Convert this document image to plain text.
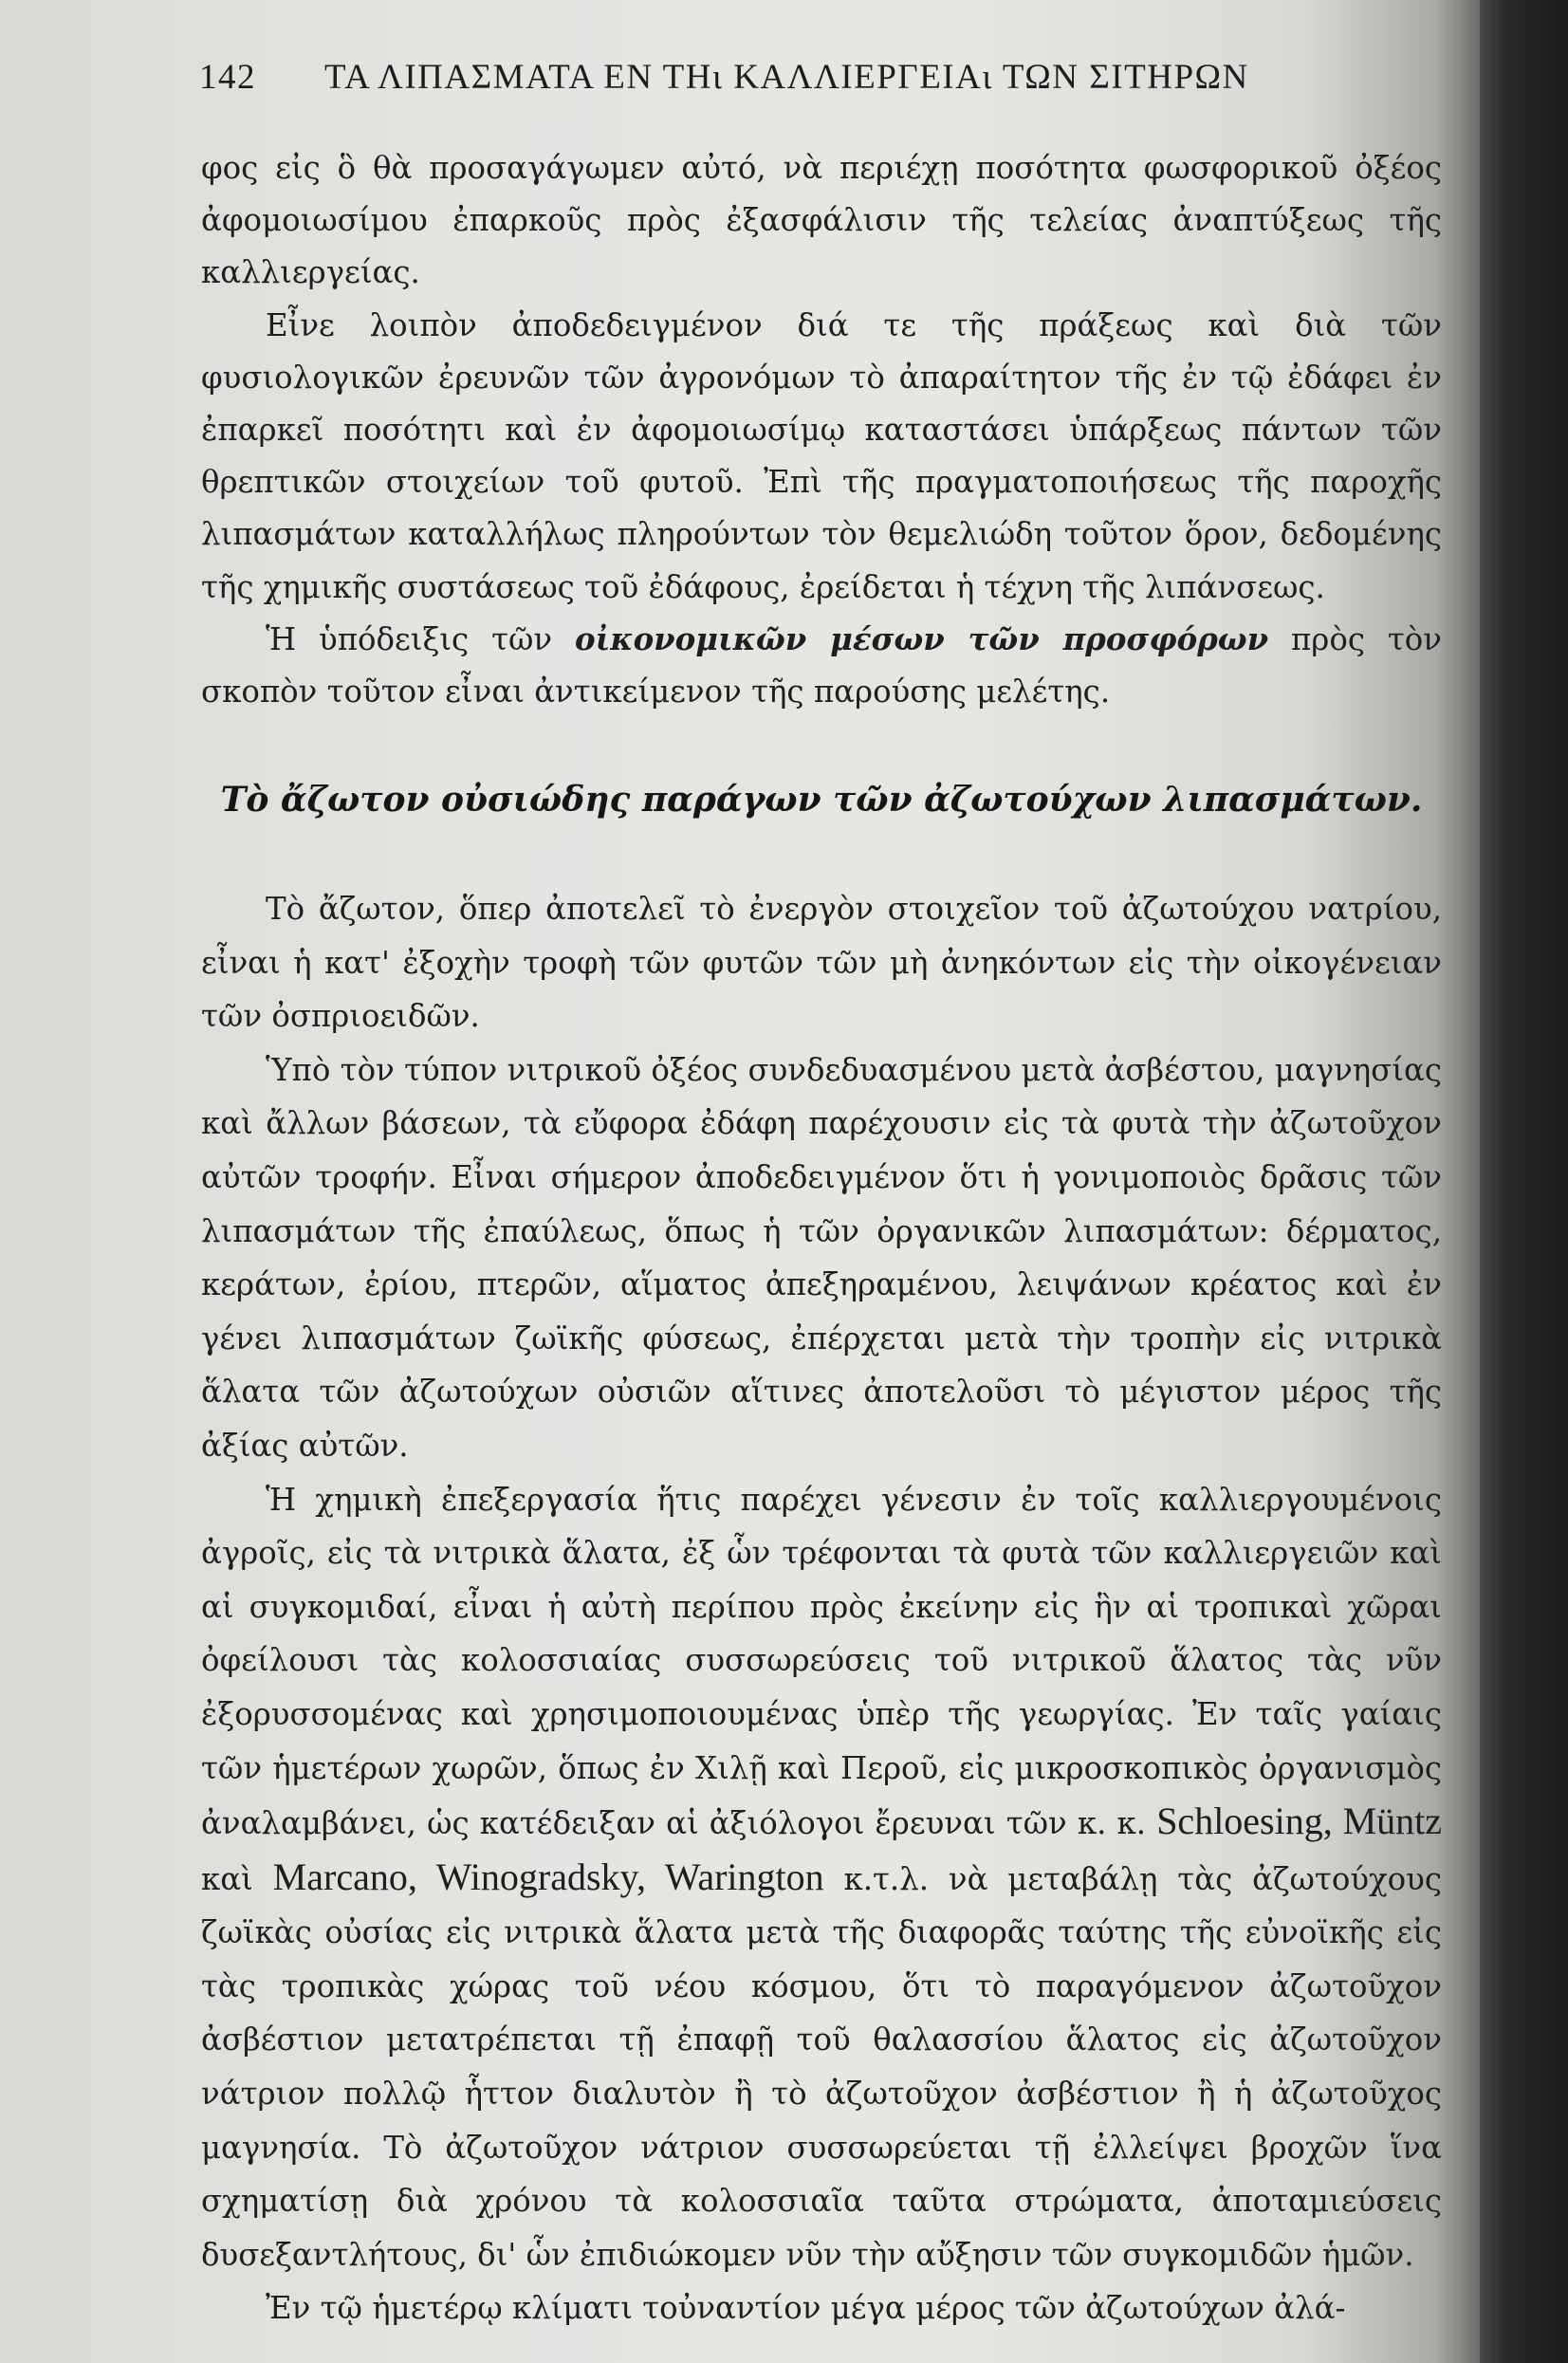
142 ΤΑ ΛΙΠΑΣΜΑΤΑ ΕΝ ΤΗι ΚΑΛΛΙΕΡΓΕΙΑι ΤΩΝ ΣΙΤΗΡΩΝ

φος εἰς ὃ θὰ προσαγάγωμεν αὐτό, νὰ περιέχῃ ποσότητα φωσφορικοῦ ὀξέος ἀφομοιωσίμου ἐπαρκοῦς πρὸς ἐξασφάλισιν τῆς τελείας ἀναπτύξεως τῆς καλλιεργείας.

Εἶνε λοιπὸν ἀποδεδειγμένον διά τε τῆς πράξεως καὶ διὰ τῶν φυσιολογικῶν ἐρευνῶν τῶν ἀγρονόμων τὸ ἀπαραίτητον τῆς ἐν τῷ ἐδάφει ἐν ἐπαρκεῖ ποσότητι καὶ ἐν ἀφομοιωσίμῳ καταστάσει ὑπάρξεως πάντων τῶν θρεπτικῶν στοιχείων τοῦ φυτοῦ. Ἐπὶ τῆς πραγματοποιήσεως τῆς παροχῆς λιπασμάτων καταλλήλως πληρούντων τὸν θεμελιώδη τοῦτον ὅρον, δεδομένης τῆς χημικῆς συστάσεως τοῦ ἐδάφους, ἐρείδεται ἡ τέχνη τῆς λιπάνσεως.

Ἡ ὑπόδειξις τῶν οἰκονομικῶν μέσων τῶν προσφόρων πρὸς τὸν σκοπὸν τοῦτον εἶναι ἀντικείμενον τῆς παρούσης μελέτης.

Τὸ ἄζωτον οὐσιώδης παράγων τῶν ἀζωτούχων λιπασμάτων.

Τὸ ἄζωτον, ὅπερ ἀποτελεῖ τὸ ἐνεργὸν στοιχεῖον τοῦ ἀζωτούχου νατρίου, εἶναι ἡ κατ' ἐξοχὴν τροφὴ τῶν φυτῶν τῶν μὴ ἀνηκόντων εἰς τὴν οἰκογένειαν τῶν ὀσπριοειδῶν.

Ὑπὸ τὸν τύπον νιτρικοῦ ὀξέος συνδεδυασμένου μετὰ ἀσβέστου, μαγνησίας καὶ ἄλλων βάσεων, τὰ εὔφορα ἐδάφη παρέχουσιν εἰς τὰ φυτὰ τὴν ἀζωτοῦχον αὐτῶν τροφήν. Εἶναι σήμερον ἀποδεδειγμένον ὅτι ἡ γονιμοποιὸς δρᾶσις τῶν λιπασμάτων τῆς ἐπαύλεως, ὅπως ἡ τῶν ὀργανικῶν λιπασμάτων: δέρματος, κεράτων, ἐρίου, πτερῶν, αἵματος ἀπεξηραμένου, λειψάνων κρέατος καὶ ἐν γένει λιπασμάτων ζωϊκῆς φύσεως, ἐπέρχεται μετὰ τὴν τροπὴν εἰς νιτρικὰ ἅλατα τῶν ἀζωτούχων οὐσιῶν αἵτινες ἀποτελοῦσι τὸ μέγιστον μέρος τῆς ἀξίας αὐτῶν.

Ἡ χημικὴ ἐπεξεργασία ἥτις παρέχει γένεσιν ἐν τοῖς καλλιεργουμένοις ἀγροῖς, εἰς τὰ νιτρικὰ ἅλατα, ἐξ ὧν τρέφονται τὰ φυτὰ τῶν καλλιεργειῶν καὶ αἱ συγκομιδαί, εἶναι ἡ αὐτὴ περίπου πρὸς ἐκείνην εἰς ἣν αἱ τροπικαὶ χῶραι ὀφείλουσι τὰς κολοσσιαίας συσσωρεύσεις τοῦ νιτρικοῦ ἅλατος τὰς νῦν ἐξορυσσομένας καὶ χρησιμοποιουμένας ὑπὲρ τῆς γεωργίας. Ἐν ταῖς γαίαις τῶν ἡμετέρων χωρῶν, ὅπως ἐν Χιλῇ καὶ Περοῦ, εἰς μικροσκοπικὸς ὀργανισμὸς ἀναλαμβάνει, ὡς κατέδειξαν αἱ ἀξιόλογοι ἔρευναι τῶν κ. κ. Schloesing, Müntz καὶ Marcano, Winogradsky, Warington κ.τ.λ. νὰ μεταβάλῃ τὰς ἀζωτούχους ζωϊκὰς οὐσίας εἰς νιτρικὰ ἅλατα μετὰ τῆς διαφορᾶς ταύτης τῆς εὐνοϊκῆς εἰς τὰς τροπικὰς χώρας τοῦ νέου κόσμου, ὅτι τὸ παραγόμενον ἀζωτοῦχον ἀσβέστιον μετατρέπεται τῇ ἐπαφῇ τοῦ θαλασσίου ἅλατος εἰς ἀζωτοῦχον νάτριον πολλῷ ἧττον διαλυτὸν ἢ τὸ ἀζωτοῦχον ἀσβέστιον ἢ ἡ ἀζωτοῦχος μαγνησία. Τὸ ἀζωτοῦχον νάτριον συσσωρεύεται τῇ ἐλλείψει βροχῶν ἵνα σχηματίσῃ διὰ χρόνου τὰ κολοσσιαῖα ταῦτα στρώματα, ἀποταμιεύσεις δυσεξαντλήτους, δι' ὧν ἐπιδιώκομεν νῦν τὴν αὔξησιν τῶν συγκομιδῶν ἡμῶν.

Ἐν τῷ ἡμετέρῳ κλίματι τοὐναντίον μέγα μέρος τῶν ἀζωτούχων ἀλά-
